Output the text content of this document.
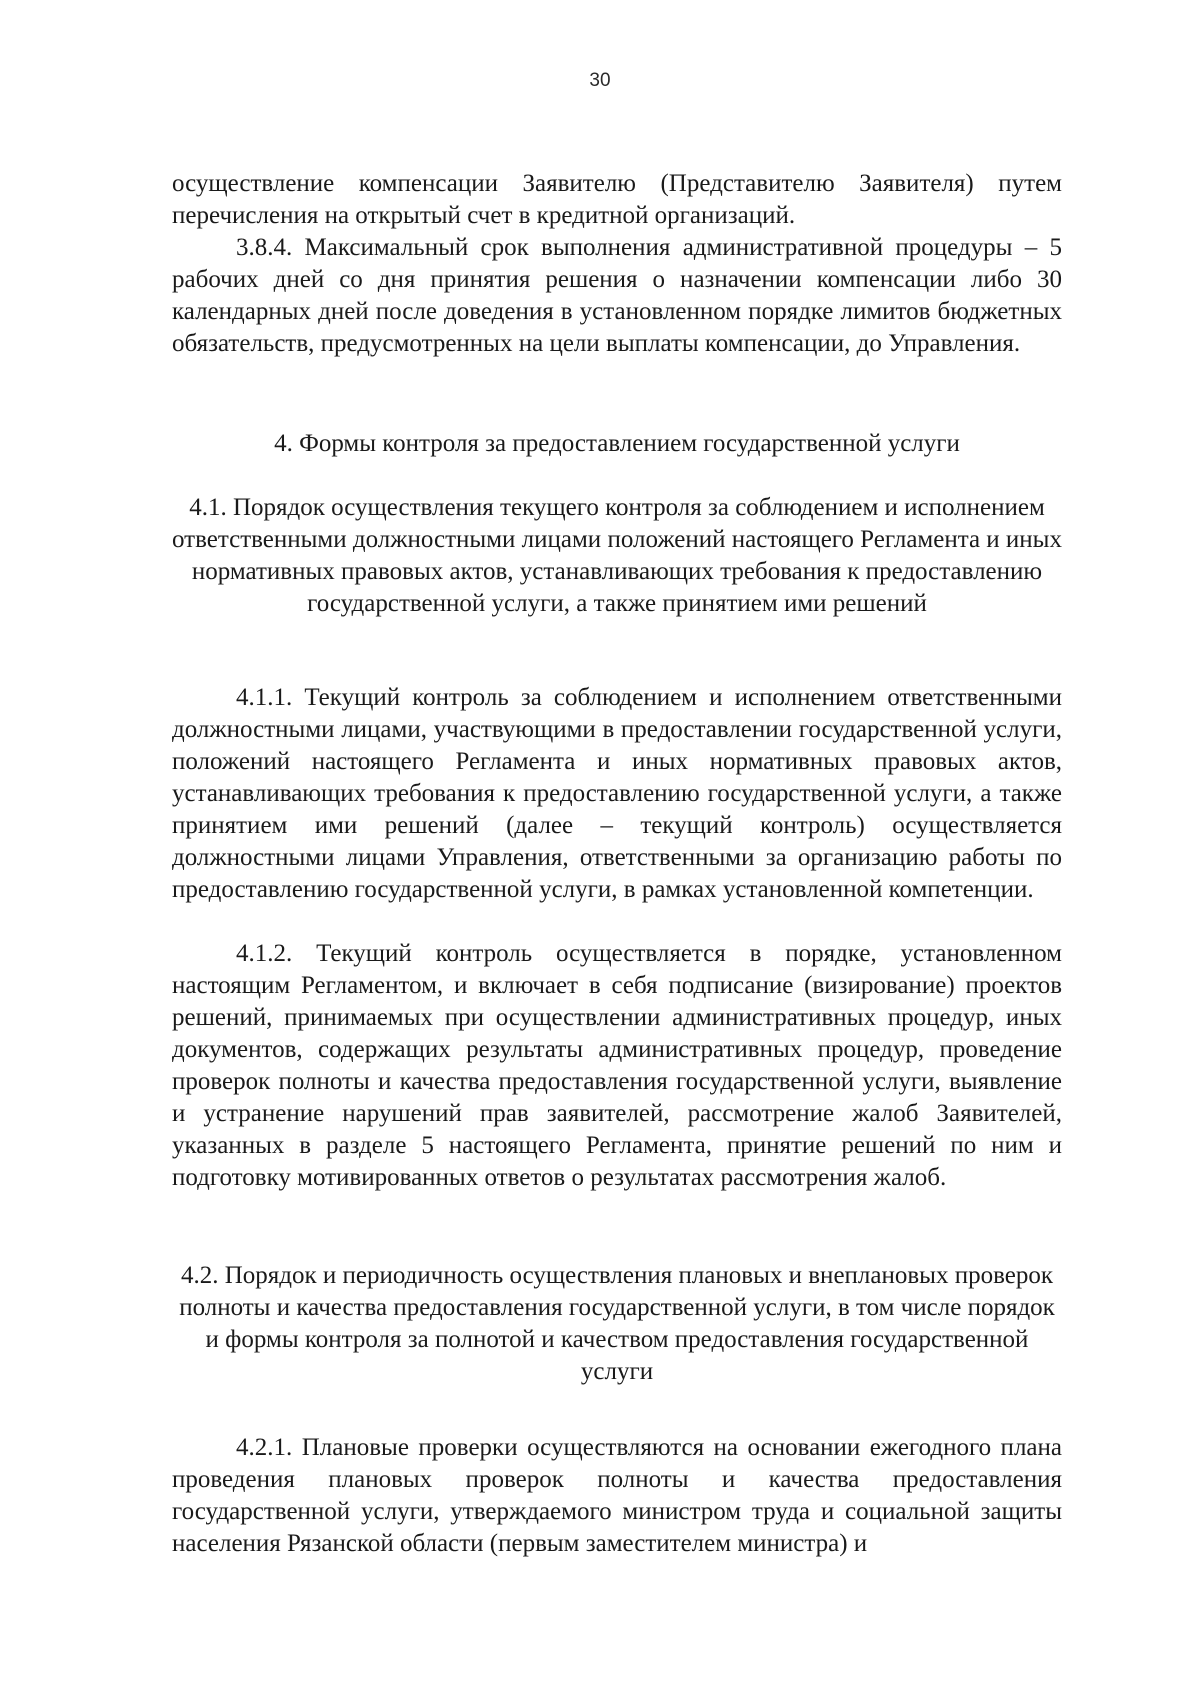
30

осуществление компенсации Заявителю (Представителю Заявителя) путем перечисления на открытый счет в кредитной организаций.

3.8.4. Максимальный срок выполнения административной процедуры – 5 рабочих дней со дня принятия решения о назначении компенсации либо 30 календарных дней после доведения в установленном порядке лимитов бюджетных обязательств, предусмотренных на цели выплаты компенсации, до Управления.

4. Формы контроля за предоставлением государственной услуги
4.1. Порядок осуществления текущего контроля за соблюдением и исполнением ответственными должностными лицами положений настоящего Регламента и иных нормативных правовых актов, устанавливающих требования к предоставлению государственной услуги, а также принятием ими решений

4.1.1. Текущий контроль за соблюдением и исполнением ответственными должностными лицами, участвующими в предоставлении государственной услуги, положений настоящего Регламента и иных нормативных правовых актов, устанавливающих требования к предоставлению государственной услуги, а также принятием ими решений (далее – текущий контроль) осуществляется должностными лицами Управления, ответственными за организацию работы по предоставлению государственной услуги, в рамках установленной компетенции.

4.1.2. Текущий контроль осуществляется в порядке, установленном настоящим Регламентом, и включает в себя подписание (визирование) проектов решений, принимаемых при осуществлении административных процедур, иных документов, содержащих результаты административных процедур, проведение проверок полноты и качества предоставления государственной услуги, выявление и устранение нарушений прав заявителей, рассмотрение жалоб Заявителей, указанных в разделе 5 настоящего Регламента, принятие решений по ним и подготовку мотивированных ответов о результатах рассмотрения жалоб.

4.2. Порядок и периодичность осуществления плановых и внеплановых проверок полноты и качества предоставления государственной услуги, в том числе порядок и формы контроля за полнотой и качеством предоставления государственной услуги

4.2.1. Плановые проверки осуществляются на основании ежегодного плана проведения плановых проверок полноты и качества предоставления государственной услуги, утверждаемого министром труда и социальной защиты населения Рязанской области (первым заместителем министра) и
